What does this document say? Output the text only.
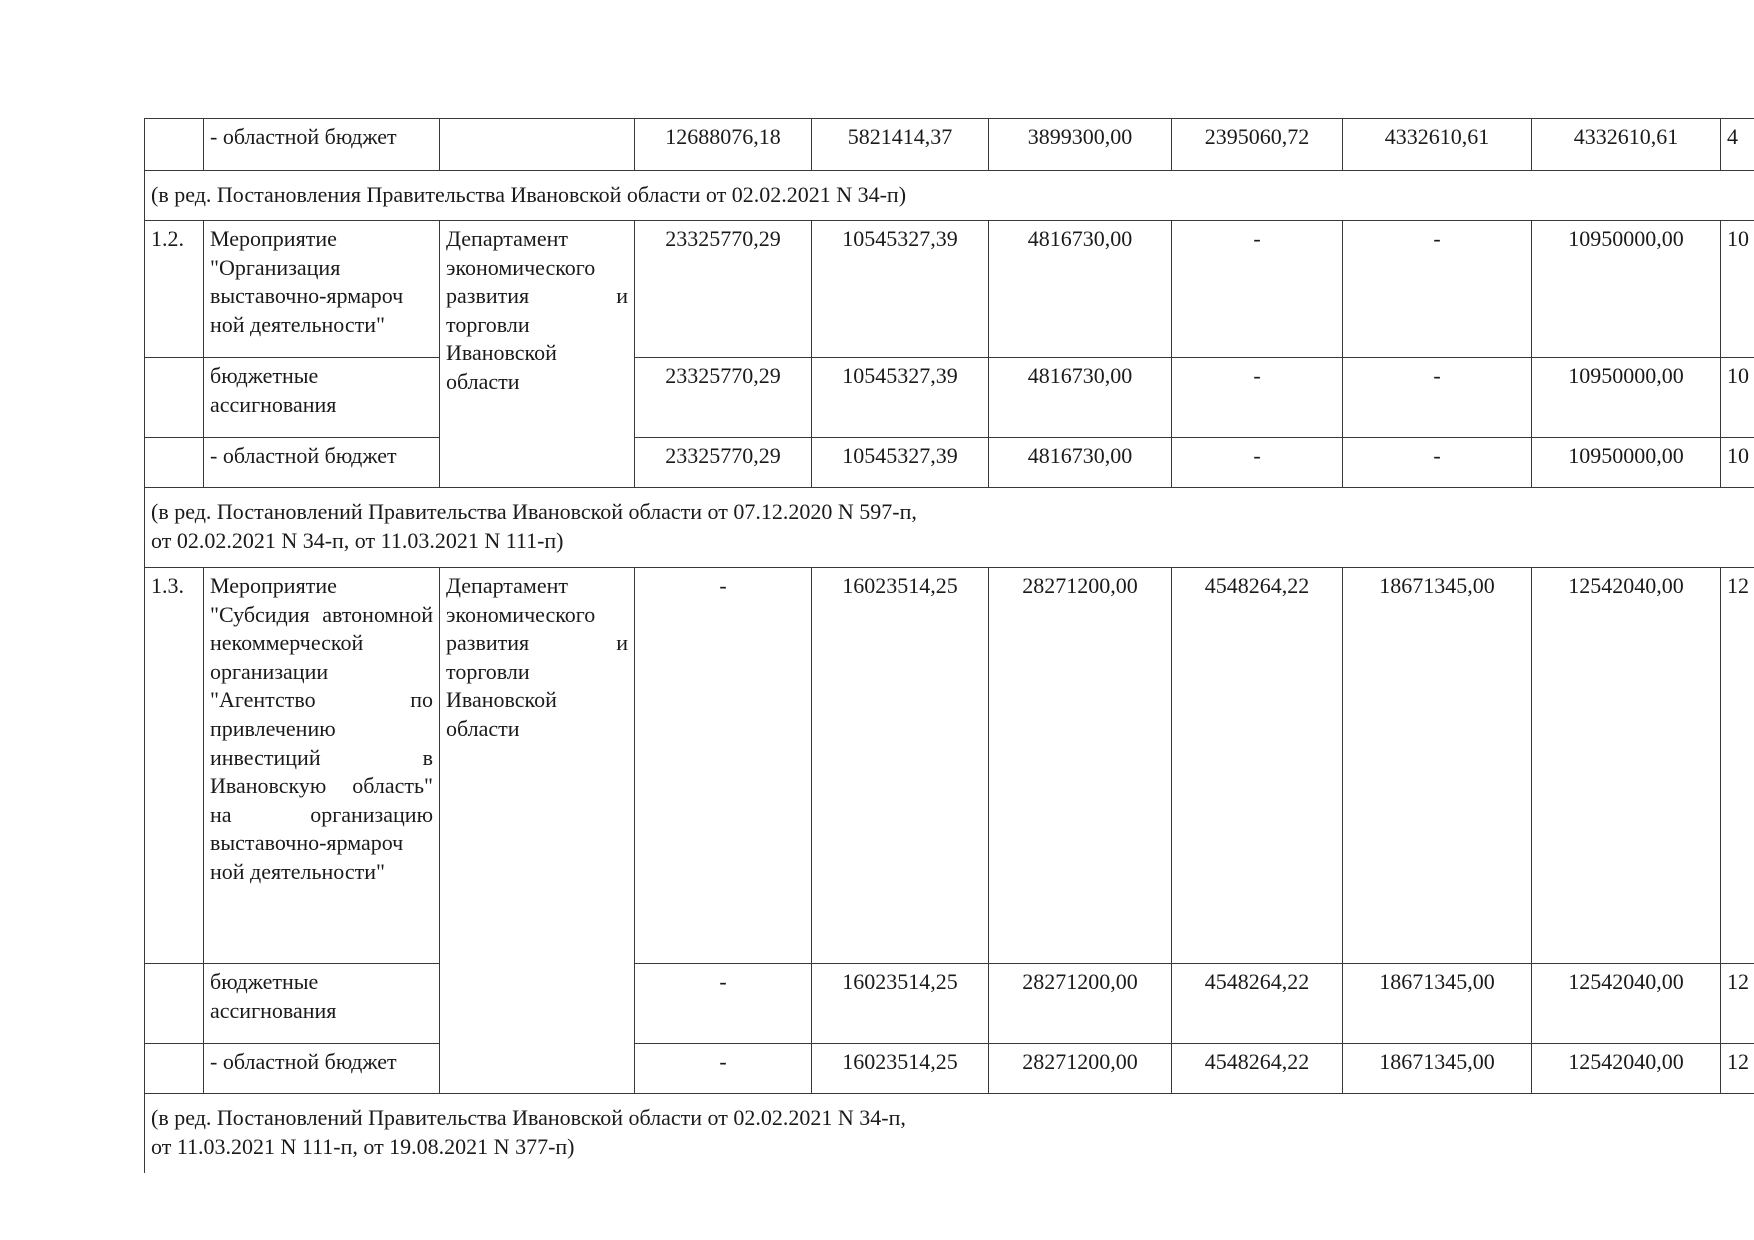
	- областной бюджет		12688076,18	5821414,37	3899300,00	2395060,72	4332610,61	4332610,61	4
(в ред. Постановления Правительства Ивановской области от 02.02.2021 N 34-п)									
1.2.	Мероприятие "Организация выставочно-ярмароч ной деятельности"	Департамент экономического развития и торговли Ивановской области	23325770,29	10545327,39	4816730,00	-	-	10950000,00	10
	бюджетные ассигнования		23325770,29	10545327,39	4816730,00	-	-	10950000,00	10
	- областной бюджет		23325770,29	10545327,39	4816730,00	-	-	10950000,00	10

(в ред. Постановлений Правительства Ивановской области от 07.12.2020 N 597-п,
от 02.02.2021 N 34-п, от 11.03.2021 N 111-п)									

1.3.	Мероприятие "Субсидия автономной некоммерческой организации "Агентство по привлечению инвестиций в Ивановскую область" на организацию выставочно-ярмароч ной деятельности"	Департамент экономического развития и торговли Ивановской области	-	16023514,25	28271200,00	4548264,22	18671345,00	12542040,00	12
	бюджетные ассигнования		-	16023514,25	28271200,00	4548264,22	18671345,00	12542040,00	12
	- областной бюджет		-	16023514,25	28271200,00	4548264,22	18671345,00	12542040,00	12

(в ред. Постановлений Правительства Ивановской области от 02.02.2021 N 34-п,
от 11.03.2021 N 111-п, от 19.08.2021 N 377-п)									
